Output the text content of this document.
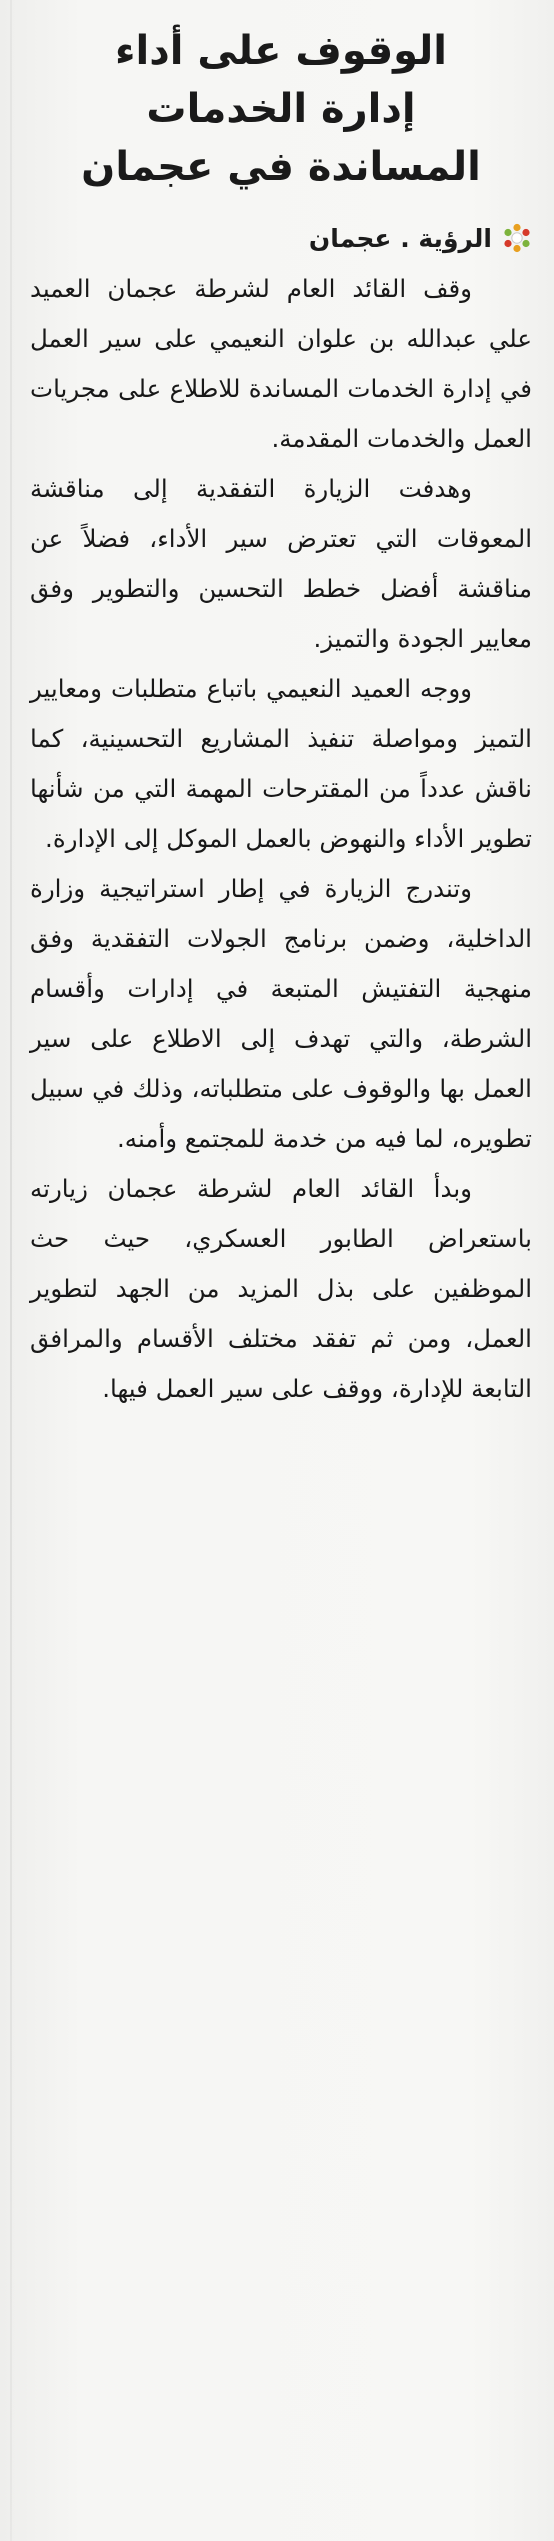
الوقوف على أداء
إدارة الخدمات
المساندة في عجمان
الرؤية . عجمان

وقف القائد العام لشرطة عجمان العميد علي عبدالله بن علوان النعيمي على سير العمل في إدارة الخدمات المساندة للاطلاع على مجريات العمل والخدمات المقدمة.

وهدفت الزيارة التفقدية إلى مناقشة المعوقات التي تعترض سير الأداء، فضلاً عن مناقشة أفضل خطط التحسين والتطوير وفق معايير الجودة والتميز.

ووجه العميد النعيمي باتباع متطلبات ومعايير التميز ومواصلة تنفيذ المشاريع التحسينية، كما ناقش عدداً من المقترحات المهمة التي من شأنها تطوير الأداء والنهوض بالعمل الموكل إلى الإدارة.

وتندرج الزيارة في إطار استراتيجية وزارة الداخلية، وضمن برنامج الجولات التفقدية وفق منهجية التفتيش المتبعة في إدارات وأقسام الشرطة، والتي تهدف إلى الاطلاع على سير العمل بها والوقوف على متطلباته، وذلك في سبيل تطويره، لما فيه من خدمة للمجتمع وأمنه.

وبدأ القائد العام لشرطة عجمان زيارته باستعراض الطابور العسكري، حيث حث الموظفين على بذل المزيد من الجهد لتطوير العمل، ومن ثم تفقد مختلف الأقسام والمرافق التابعة للإدارة، ووقف على سير العمل فيها.
